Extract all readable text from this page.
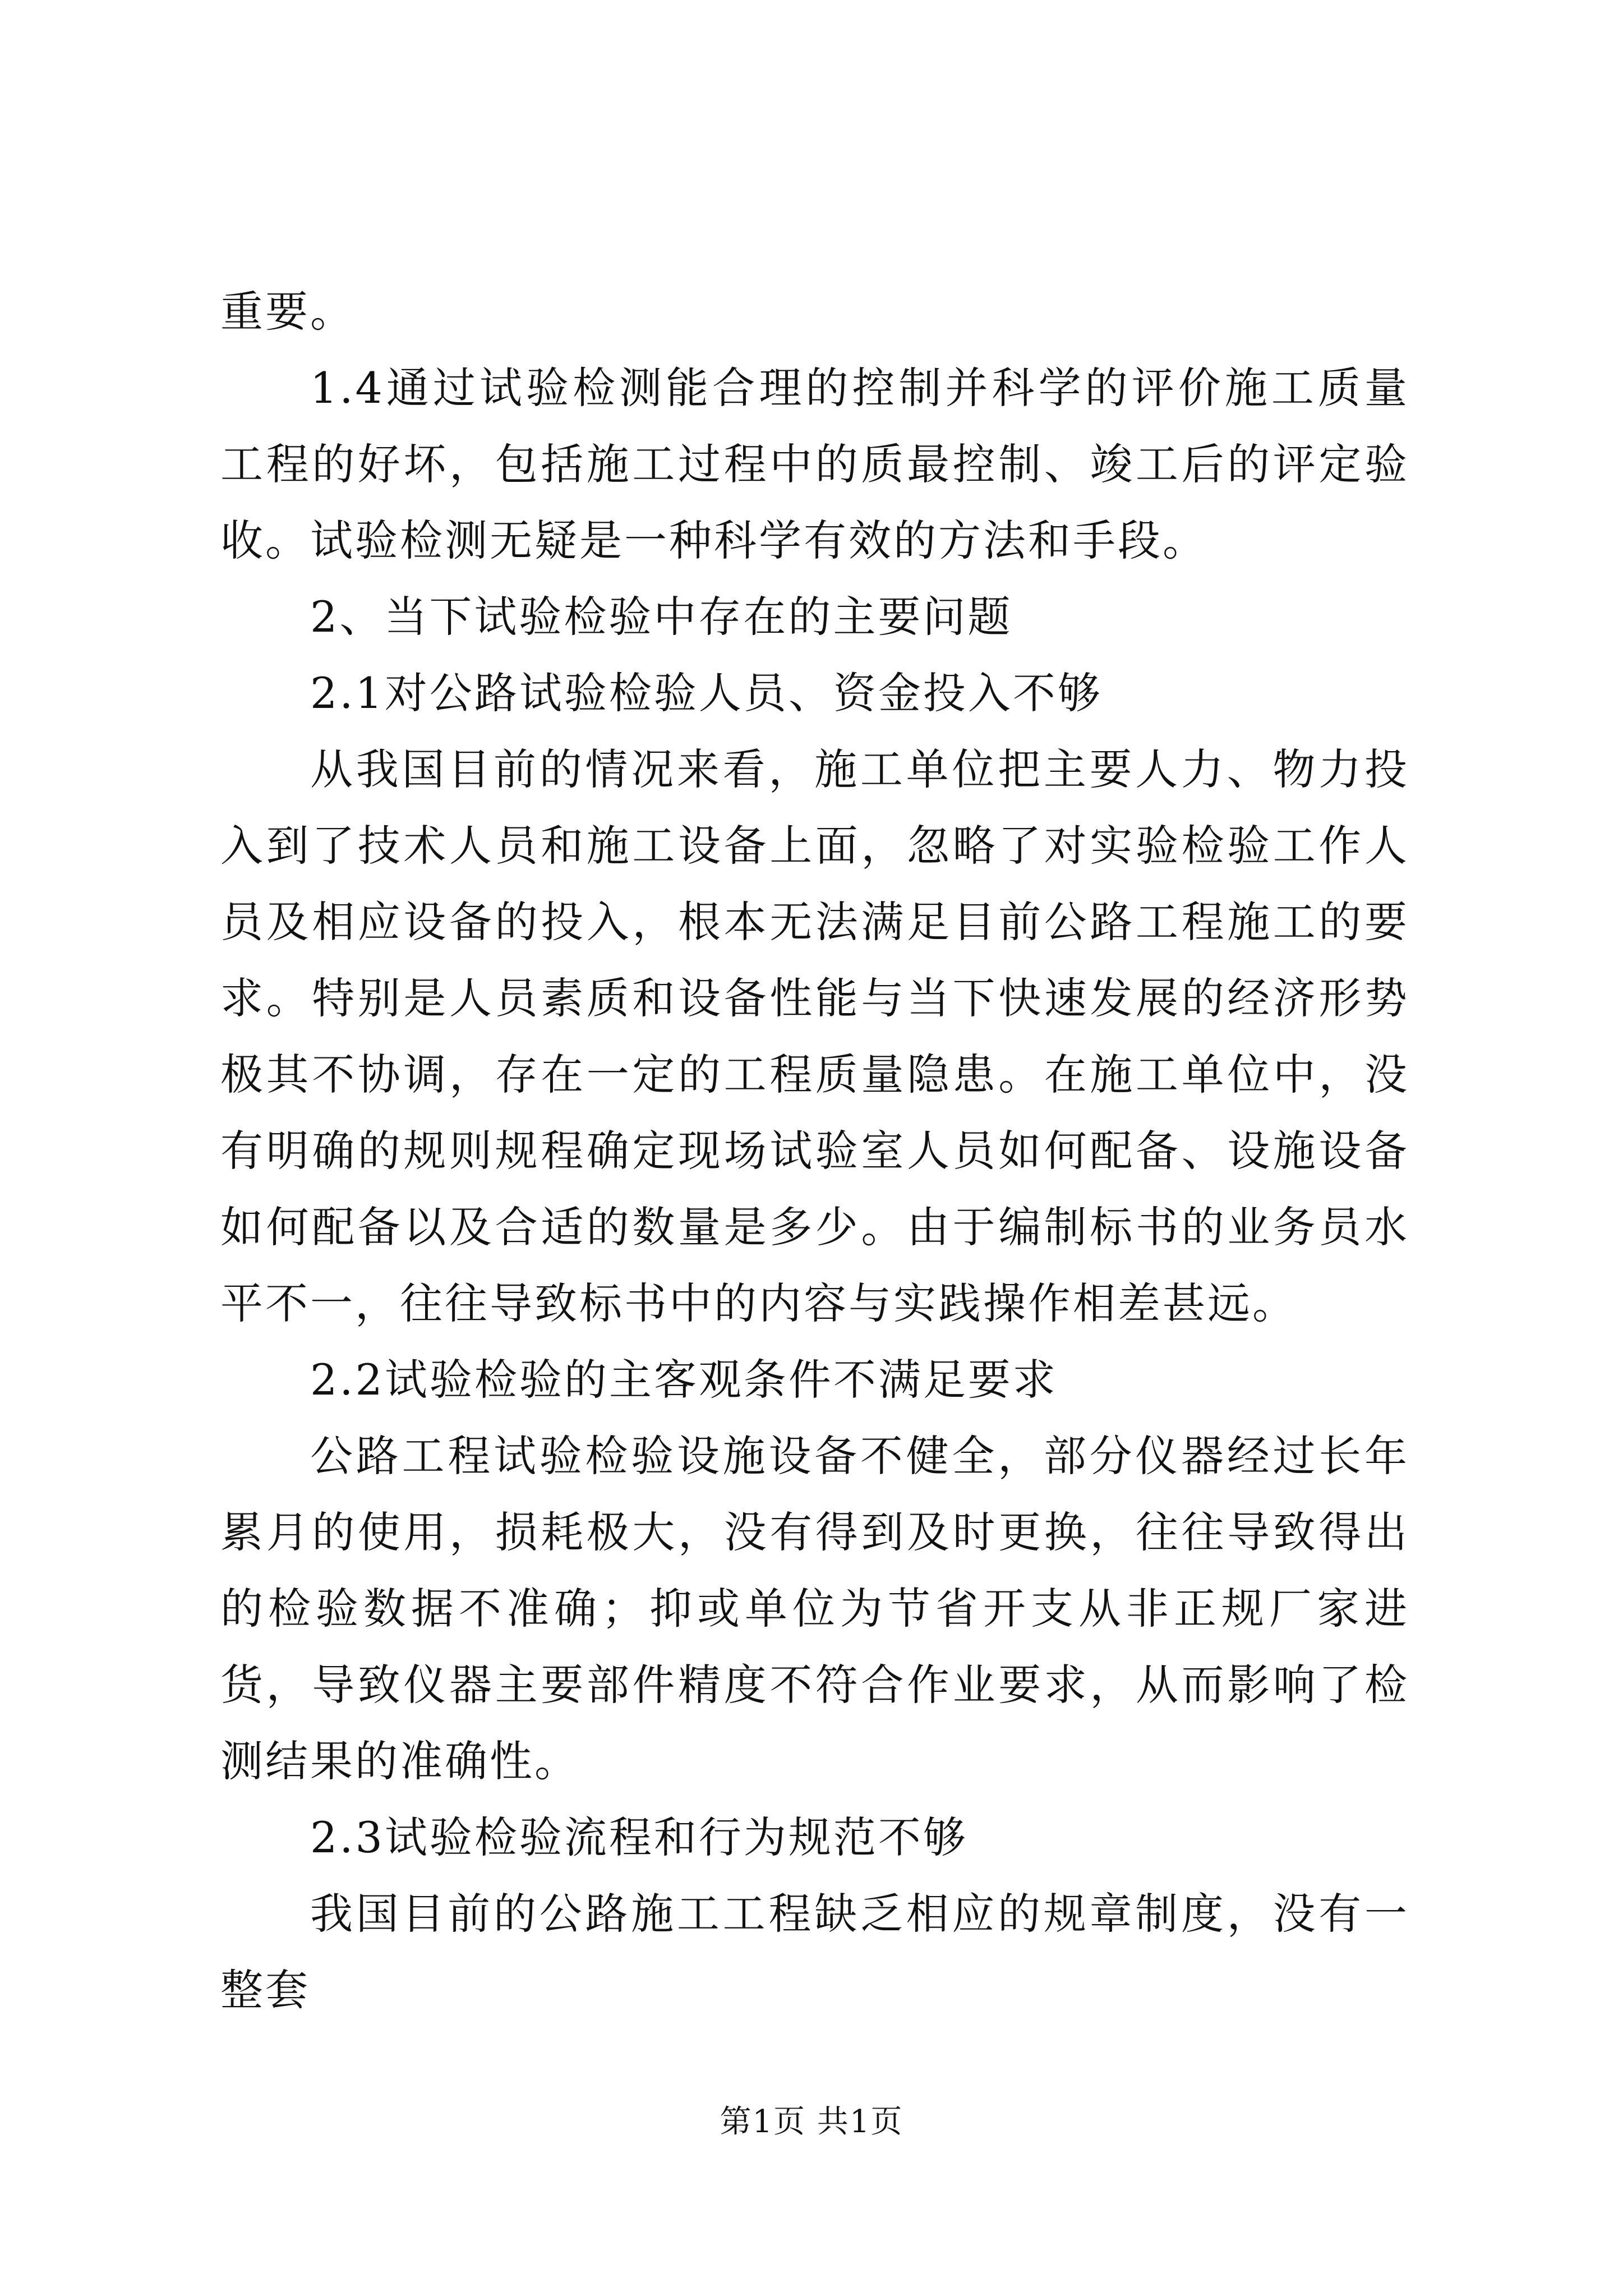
重要。

1.4通过试验检测能合理的控制并科学的评价施工质量工程的好坏，包括施工过程中的质最控制、竣工后的评定验收。试验检测无疑是一种科学有效的方法和手段。

2、当下试验检验中存在的主要问题

2.1对公路试验检验人员、资金投入不够

从我国目前的情况来看，施工单位把主要人力、物力投入到了技术人员和施工设备上面，忽略了对实验检验工作人员及相应设备的投入，根本无法满足目前公路工程施工的要求。特别是人员素质和设备性能与当下快速发展的经济形势极其不协调，存在一定的工程质量隐患。在施工单位中，没有明确的规则规程确定现场试验室人员如何配备、设施设备如何配备以及合适的数量是多少。由于编制标书的业务员水平不一，往往导致标书中的内容与实践操作相差甚远。

2.2试验检验的主客观条件不满足要求

公路工程试验检验设施设备不健全，部分仪器经过长年累月的使用，损耗极大，没有得到及时更换，往往导致得出的检验数据不准确；抑或单位为节省开支从非正规厂家进货，导致仪器主要部件精度不符合作业要求，从而影响了检测结果的准确性。

2.3试验检验流程和行为规范不够

我国目前的公路施工工程缺乏相应的规章制度，没有一整套

第1页 共1页
